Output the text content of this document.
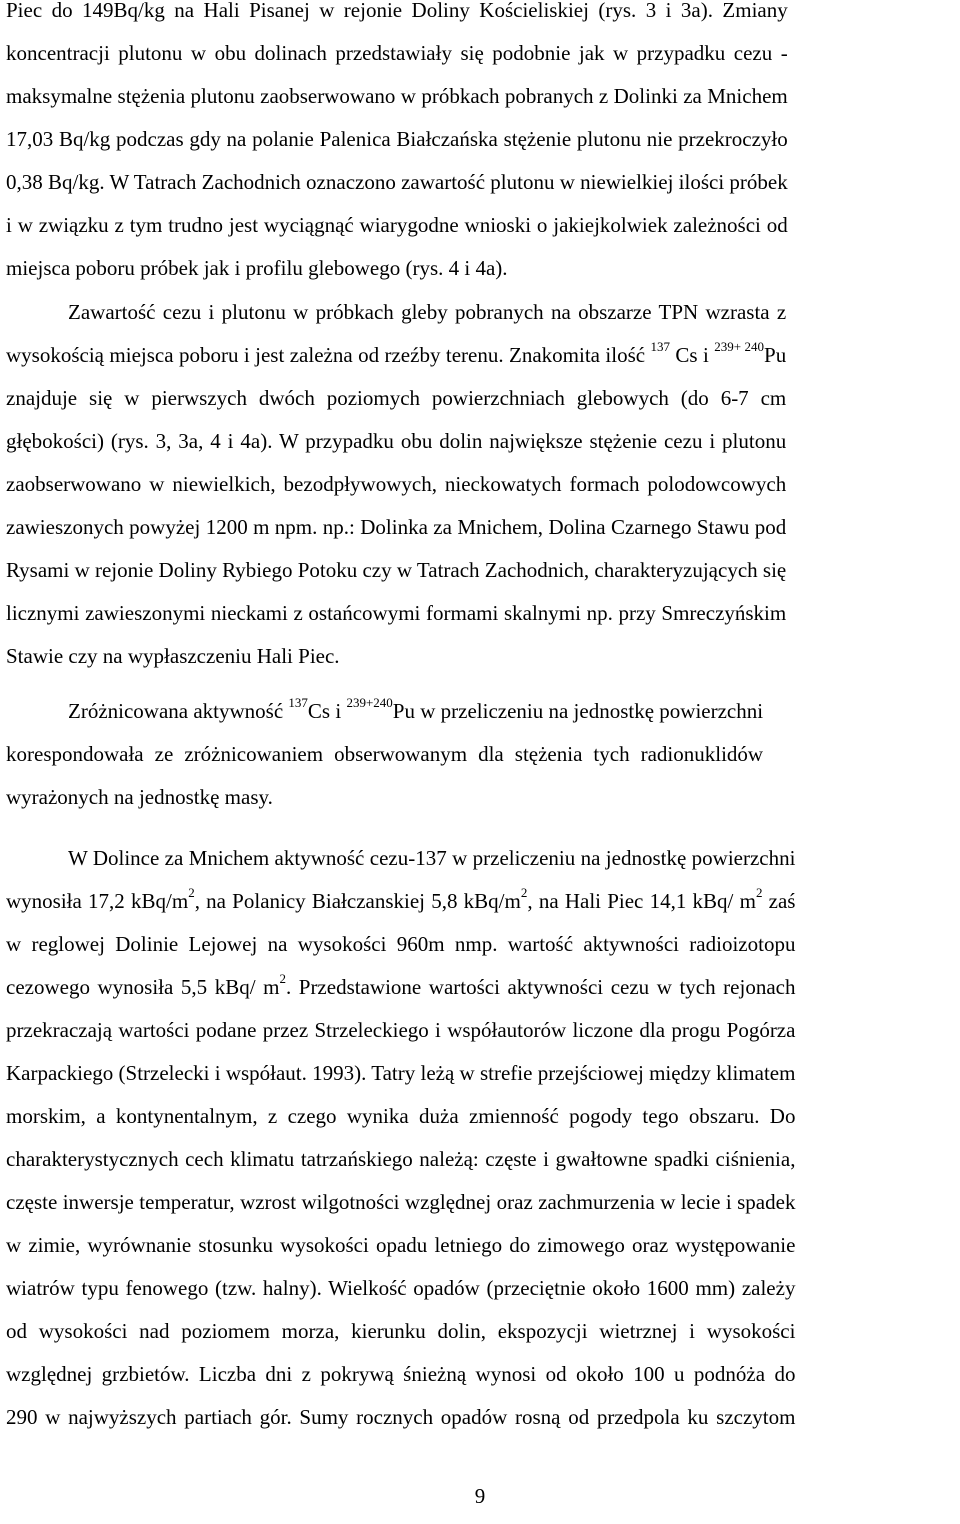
Piec do 149Bq/kg na Hali Pisanej w rejonie Doliny Kościeliskiej (rys. 3 i 3a). Zmiany
koncentracji plutonu w obu dolinach przedstawiały się podobnie jak w przypadku cezu -
maksymalne stężenia plutonu zaobserwowano w próbkach pobranych z Dolinki za Mnichem
17,03 Bq/kg podczas gdy na polanie Palenica Białczańska stężenie plutonu nie przekroczyło
0,38 Bq/kg. W Tatrach Zachodnich oznaczono zawartość plutonu w niewielkiej ilości próbek
i w związku z tym trudno jest wyciągnąć wiarygodne wnioski o jakiejkolwiek zależności od
miejsca poboru próbek jak i profilu glebowego (rys. 4 i 4a).
Zawartość cezu i plutonu w próbkach gleby pobranych na obszarze TPN wzrasta z
wysokością miejsca poboru i jest zależna od rzeźby terenu. Znakomita ilość $^{137}$ Cs i $^{239+ 240}$Pu
znajduje się w pierwszych dwóch poziomych powierzchniach glebowych (do 6-7 cm
głębokości) (rys. 3, 3a, 4 i 4a). W przypadku obu dolin największe stężenie cezu i plutonu
zaobserwowano w niewielkich, bezodpływowych, nieckowatych formach polodowcowych
zawieszonych powyżej 1200 m npm. np.: Dolinka za Mnichem, Dolina Czarnego Stawu pod
Rysami w rejonie Doliny Rybiego Potoku czy w Tatrach Zachodnich, charakteryzujących się
licznymi zawieszonymi nieckami z ostańcowymi formami skalnymi np. przy Smreczyńskim
Stawie czy na wypłaszczeniu Hali Piec.
Zróżnicowana aktywność $^{137}$Cs i $^{239+240}$Pu w przeliczeniu na jednostkę powierzchni
korespondowała ze zróżnicowaniem obserwowanym dla stężenia tych radionuklidów
wyrażonych na jednostkę masy.
W Dolince za Mnichem aktywność cezu-137 w przeliczeniu na jednostkę powierzchni
wynosiła 17,2 kBq/$m^2$, na Polanicy Białczanskiej 5,8 kBq/$m^2$, na Hali Piec 14,1 kBq/ $m^2$ zaś
w reglowej Dolinie Lejowej na wysokości 960m nmp. wartość aktywności radioizotopu
cezowego wynosiła 5,5 kBq/ $m^2$. Przedstawione wartości aktywności cezu w tych rejonach
przekraczają wartości podane przez Strzeleckiego i współautorów liczone dla progu Pogórza
Karpackiego (Strzelecki i współaut. 1993). Tatry leżą w strefie przejściowej między klimatem
morskim, a kontynentalnym, z czego wynika duża zmienność pogody tego obszaru. Do
charakterystycznych cech klimatu tatrzańskiego należą: częste i gwałtowne spadki ciśnienia,
częste inwersje temperatur, wzrost wilgotności względnej oraz zachmurzenia w lecie i spadek
w zimie, wyrównanie stosunku wysokości opadu letniego do zimowego oraz występowanie
wiatrów typu fenowego (tzw. halny). Wielkość opadów (przeciętnie około 1600 mm) zależy
od wysokości nad poziomem morza, kierunku dolin, ekspozycji wietrznej i wysokości
względnej grzbietów. Liczba dni z pokrywą śnieżną wynosi od około 100 u podnóża do
290 w najwyższych partiach gór. Sumy rocznych opadów rosną od przedpola ku szczytom
9
